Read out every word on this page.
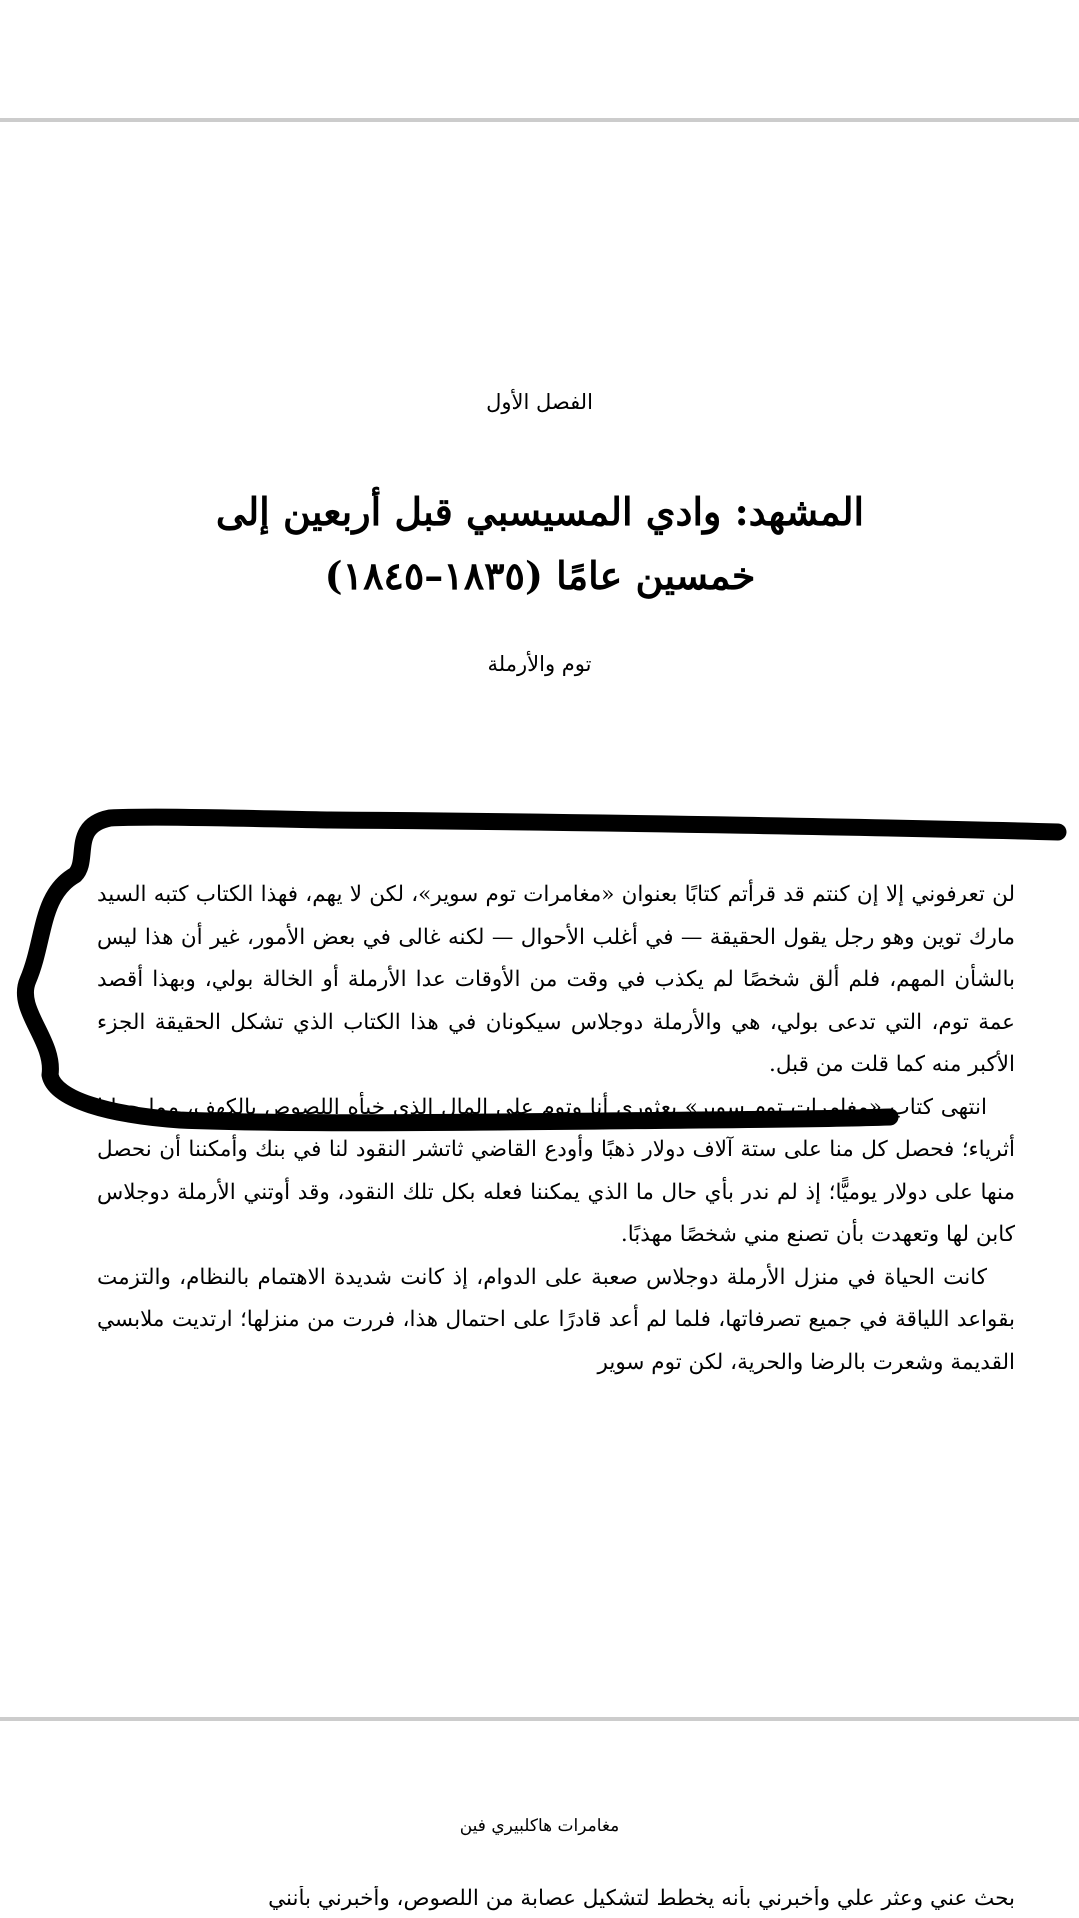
الفصل الأول
المشهد: وادي المسيسبي قبل أربعين إلى خمسين عامًا (١٨٣٥–١٨٤٥)
توم والأرملة

لن تعرفوني إلا إن كنتم قد قرأتم كتابًا بعنوان «مغامرات توم سوير»، لكن لا يهم، فهذا الكتاب كتبه السيد مارك توين وهو رجل يقول الحقيقة — في أغلب الأحوال — لكنه غالى في بعض الأمور، غير أن هذا ليس بالشأن المهم، فلم ألق شخصًا لم يكذب في وقت من الأوقات عدا الأرملة أو الخالة بولي، وبهذا أقصد عمة توم، التي تدعى بولي، هي والأرملة دوجلاس سيكونان في هذا الكتاب الذي تشكل الحقيقة الجزء الأكبر منه كما قلت من قبل.

انتهى كتاب «مغامرات توم سوير» بعثوري أنا وتوم على المال الذي خبأه اللصوص بالكهف، مما جعلنا أثرياء؛ فحصل كل منا على ستة آلاف دولار ذهبًا وأودع القاضي ثاتشر النقود لنا في بنك وأمكننا أن نحصل منها على دولار يوميًّا؛ إذ لم ندر بأي حال ما الذي يمكننا فعله بكل تلك النقود، وقد أوتني الأرملة دوجلاس كابن لها وتعهدت بأن تصنع مني شخصًا مهذبًا.

كانت الحياة في منزل الأرملة دوجلاس صعبة على الدوام، إذ كانت شديدة الاهتمام بالنظام، والتزمت بقواعد اللياقة في جميع تصرفاتها، فلما لم أعد قادرًا على احتمال هذا، فررت من منزلها؛ ارتديت ملابسي القديمة وشعرت بالرضا والحرية، لكن توم سوير

مغامرات هاكلبيري فين
بحث عني وعثر علي وأخبرني بأنه يخطط لتشكيل عصابة من اللصوص، وأخبرني بأنني
